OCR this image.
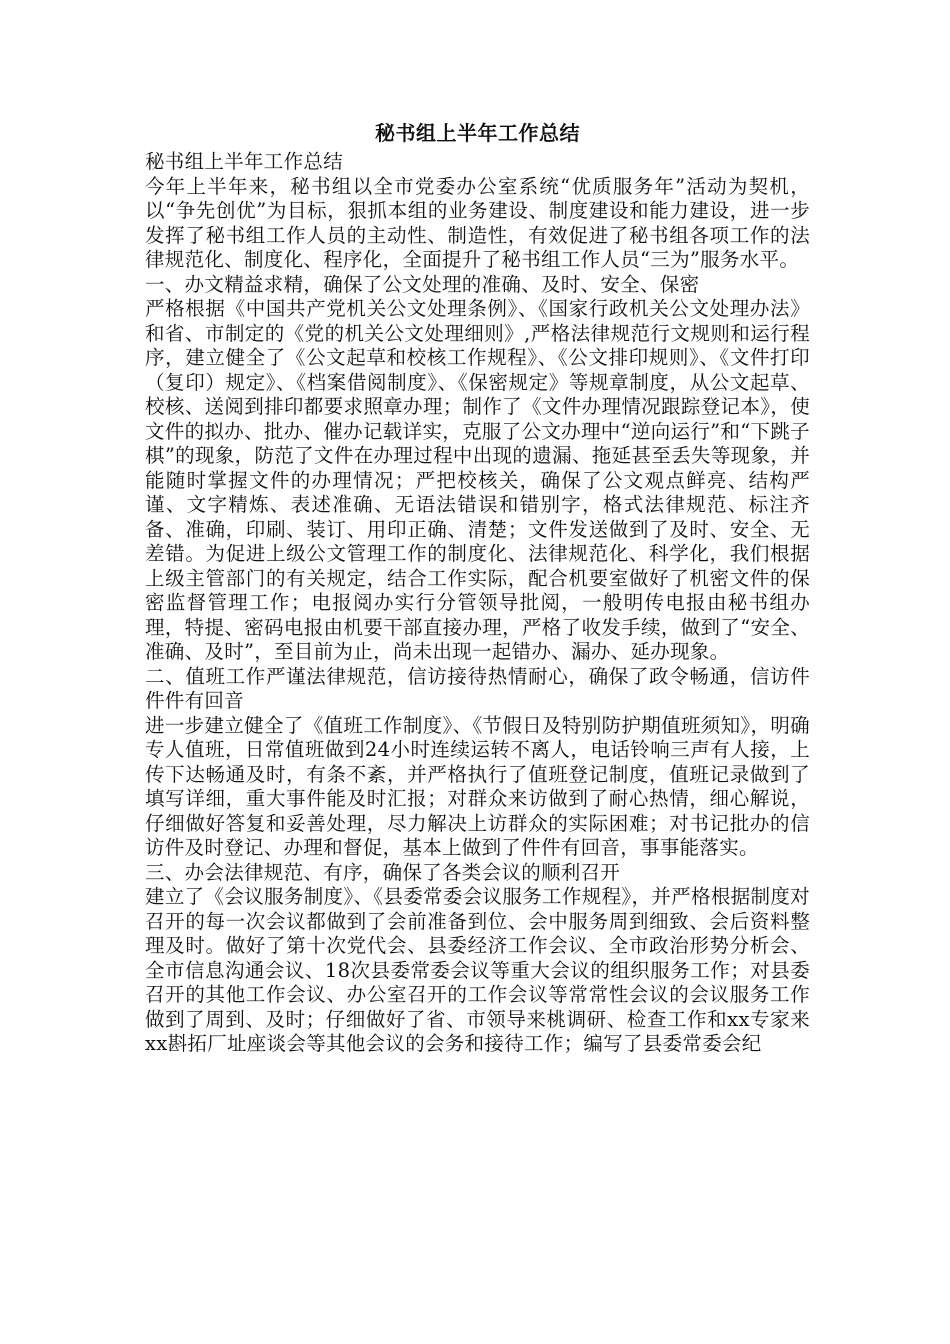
秘书组上半年工作总结

秘书组上半年工作总结

今年上半年来，秘书组以全市党委办公室系统“优质服务年”活动为契机，以“争先创优”为目标，狠抓本组的业务建设、制度建设和能力建设，进一步发挥了秘书组工作人员的主动性、制造性，有效促进了秘书组各项工作的法律规范化、制度化、程序化，全面提升了秘书组工作人员“三为”服务水平。

一、办文精益求精，确保了公文处理的准确、及时、安全、保密

严格根据《中国共产党机关公文处理条例》、《国家行政机关公文处理办法》和省、市制定的《党的机关公文处理细则》,严格法律规范行文规则和运行程序，建立健全了《公文起草和校核工作规程》、《公文排印规则》、《文件打印（复印）规定》、《档案借阅制度》、《保密规定》等规章制度，从公文起草、校核、送阅到排印都要求照章办理；制作了《文件办理情况跟踪登记本》，使文件的拟办、批办、催办记载详实，克服了公文办理中“逆向运行”和“下跳子棋”的现象，防范了文件在办理过程中出现的遗漏、拖延甚至丢失等现象，并能随时掌握文件的办理情况；严把校核关，确保了公文观点鲜亮、结构严谨、文字精炼、表述准确、无语法错误和错别字，格式法律规范、标注齐备、准确，印刷、装订、用印正确、清楚；文件发送做到了及时、安全、无差错。为促进上级公文管理工作的制度化、法律规范化、科学化，我们根据上级主管部门的有关规定，结合工作实际，配合机要室做好了机密文件的保密监督管理工作；电报阅办实行分管领导批阅，一般明传电报由秘书组办理，特提、密码电报由机要干部直接办理，严格了收发手续，做到了“安全、准确、及时”，至目前为止，尚未出现一起错办、漏办、延办现象。

二、值班工作严谨法律规范，信访接待热情耐心，确保了政令畅通，信访件件件有回音

进一步建立健全了《值班工作制度》、《节假日及特别防护期值班须知》，明确专人值班，日常值班做到24小时连续运转不离人，电话铃响三声有人接，上传下达畅通及时，有条不紊，并严格执行了值班登记制度，值班记录做到了填写详细，重大事件能及时汇报；对群众来访做到了耐心热情，细心解说，仔细做好答复和妥善处理，尽力解决上访群众的实际困难；对书记批办的信访件及时登记、办理和督促，基本上做到了件件有回音，事事能落实。

三、办会法律规范、有序，确保了各类会议的顺利召开

建立了《会议服务制度》、《县委常委会议服务工作规程》，并严格根据制度对召开的每一次会议都做到了会前准备到位、会中服务周到细致、会后资料整理及时。做好了第十次党代会、县委经济工作会议、全市政治形势分析会、全市信息沟通会议、18次县委常委会议等重大会议的组织服务工作；对县委召开的其他工作会议、办公室召开的工作会议等常常性会议的会议服务工作做到了周到、及时；仔细做好了省、市领导来桃调研、检查工作和xx专家来xx斟拓厂址座谈会等其他会议的会务和接待工作；编写了县委常委会纪
